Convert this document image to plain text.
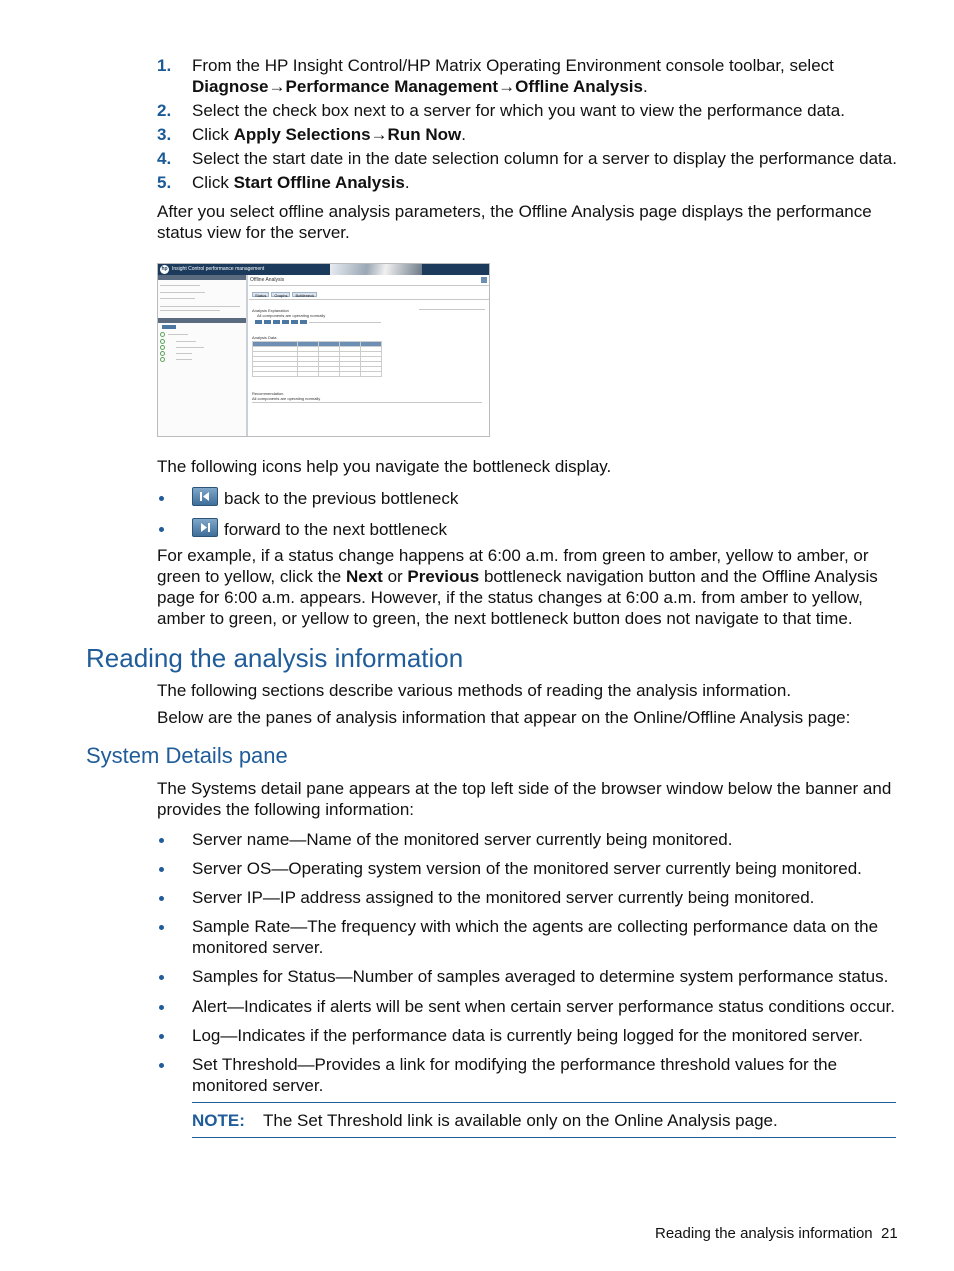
1. From the HP Insight Control/HP Matrix Operating Environment console toolbar, select Diagnose→Performance Management→Offline Analysis.
2. Select the check box next to a server for which you want to view the performance data.
3. Click Apply Selections→Run Now.
4. Select the start date in the date selection column for a server to display the performance data.
5. Click Start Offline Analysis.

After you select offline analysis parameters, the Offline Analysis page displays the performance status view for the server.

hp Insight Control performance management
Offline Analysis
Status	Graphs	Bottleneck
Analysis Explanation
All components are operating normally
Analysis Data

Recommendation
All components are operating normally

The following icons help you navigate the bottleneck display.

back to the previous bottleneck
forward to the next bottleneck

For example, if a status change happens at 6:00 a.m. from green to amber, yellow to amber, or green to yellow, click the Next or Previous bottleneck navigation button and the Offline Analysis page for 6:00 a.m. appears. However, if the status changes at 6:00 a.m. from amber to yellow, amber to green, or yellow to green, the next bottleneck button does not navigate to that time.

Reading the analysis information

The following sections describe various methods of reading the analysis information.

Below are the panes of analysis information that appear on the Online/Offline Analysis page:

System Details pane

The Systems detail pane appears at the top left side of the browser window below the banner and provides the following information:

Server name—Name of the monitored server currently being monitored.
Server OS—Operating system version of the monitored server currently being monitored.
Server IP—IP address assigned to the monitored server currently being monitored.
Sample Rate—The frequency with which the agents are collecting performance data on the monitored server.
Samples for Status—Number of samples averaged to determine system performance status.
Alert—Indicates if alerts will be sent when certain server performance status conditions occur.
Log—Indicates if the performance data is currently being logged for the monitored server.
Set Threshold—Provides a link for modifying the performance threshold values for the monitored server.
NOTE: The Set Threshold link is available only on the Online Analysis page.
Reading the analysis information 21
